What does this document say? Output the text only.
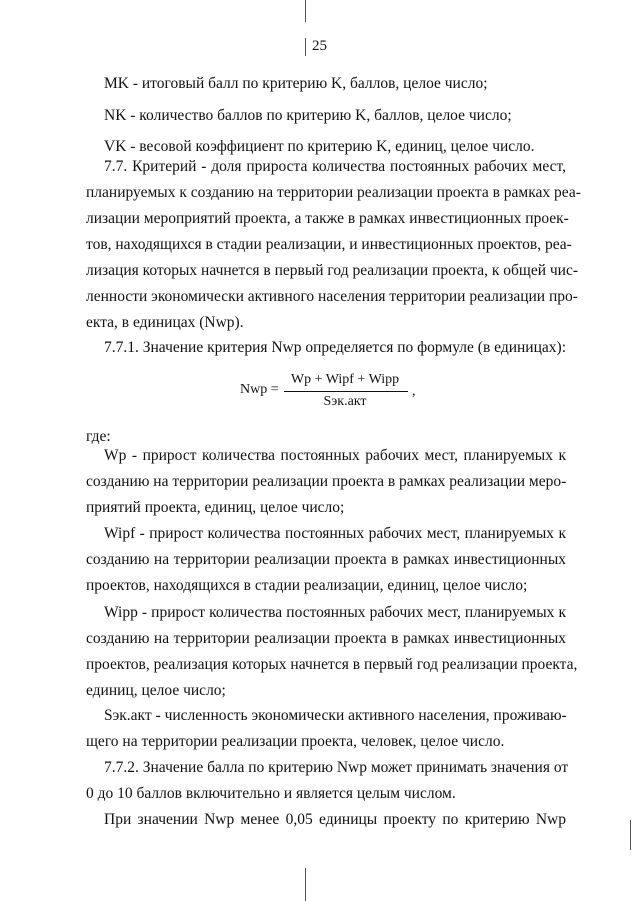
25
MK - итоговый балл по критерию K, баллов, целое число;
NK - количество баллов по критерию K, баллов, целое число;
VK - весовой коэффициент по критерию K, единиц, целое число.
7.7. Критерий - доля прироста количества постоянных рабочих мест,
планируемых к созданию на территории реализации проекта в рамках реа-
лизации мероприятий проекта, а также в рамках инвестиционных проек-
тов, находящихся в стадии реализации, и инвестиционных проектов, реа-
лизация которых начнется в первый год реализации проекта, к общей чис-
ленности экономически активного населения территории реализации про-
екта, в единицах (Nwp).
7.7.1. Значение критерия Nwp определяется по формуле (в единицах):
Nwp =
Wp + Wipf + Wipp
Sэк.акт
,
где:
Wp - прирост количества постоянных рабочих мест, планируемых к
созданию на территории реализации проекта в рамках реализации меро-
приятий проекта, единиц, целое число;
Wipf - прирост количества постоянных рабочих мест, планируемых к
созданию на территории реализации проекта в рамках инвестиционных
проектов, находящихся в стадии реализации, единиц, целое число;
Wipp - прирост количества постоянных рабочих мест, планируемых к
созданию на территории реализации проекта в рамках инвестиционных
проектов, реализация которых начнется в первый год реализации проекта,
единиц, целое число;
Sэк.акт - численность экономически активного населения, проживаю-
щего на территории реализации проекта, человек, целое число.
7.7.2. Значение балла по критерию Nwp может принимать значения от
0 до 10 баллов включительно и является целым числом.
При значении Nwp менее 0,05 единицы проекту по критерию Nwp
